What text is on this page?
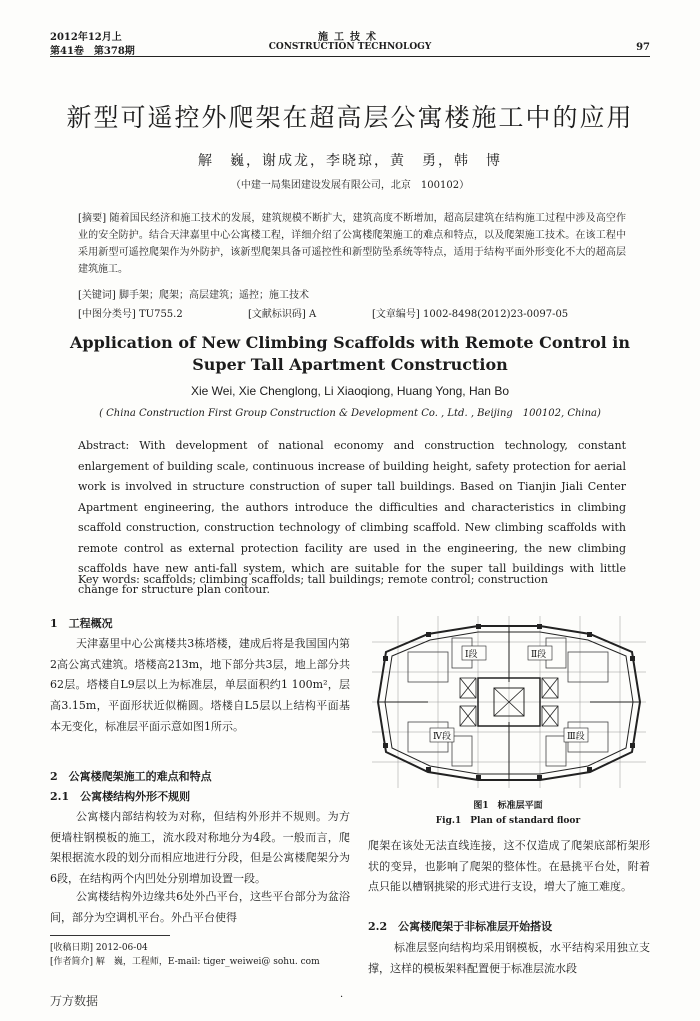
2012年12月上
第41卷　第378期
施工技术
CONSTRUCTION TECHNOLOGY	97
新型可遥控外爬架在超高层公寓楼施工中的应用
解　巍，谢成龙，李晓琼，黄　勇，韩　博
（中建一局集团建设发展有限公司，北京　100102）
[摘要] 随着国民经济和施工技术的发展，建筑规模不断扩大，建筑高度不断增加，超高层建筑在结构施工过程中涉及高空作业的安全防护。结合天津嘉里中心公寓楼工程，详细介绍了公寓楼爬架施工的难点和特点，以及爬架施工技术。在该工程中采用新型可遥控爬架作为外防护，该新型爬架具备可遥控性和新型防坠系统等特点，适用于结构平面外形变化不大的超高层建筑施工。
[关键词] 脚手架；爬架；高层建筑；遥控；施工技术
[中图分类号] TU755.2	[文献标识码] A	[文章编号] 1002-8498(2012)23-0097-05
Application of New Climbing Scaffolds with Remote Control in Super Tall Apartment Construction
Xie Wei, Xie Chenglong, Li Xiaoqiong, Huang Yong, Han Bo
( China Construction First Group Construction & Development Co. , Ltd. , Beijing　100102, China)
Abstract: With development of national economy and construction technology, constant enlargement of building scale, continuous increase of building height, safety protection for aerial work is involved in structure construction of super tall buildings. Based on Tianjin Jiali Center Apartment engineering, the authors introduce the difficulties and characteristics in climbing scaffold construction, construction technology of climbing scaffold. New climbing scaffolds with remote control as external protection facility are used in the engineering, the new climbing scaffolds have new anti-fall system, which are suitable for the super tall buildings with little change for structure plan contour.
Key words: scaffolds; climbing scaffolds; tall buildings; remote control; construction
1　工程概况
天津嘉里中心公寓楼共3栋塔楼，建成后将是我国国内第2高公寓式建筑。塔楼高213m，地下部分共3层，地上部分共62层。塔楼自L9层以上为标准层，单层面积约1 100m²，层高3.15m，平面形状近似椭圆。塔楼自L5层以上结构平面基本无变化，标准层平面示意如图1所示。
2　公寓楼爬架施工的难点和特点
2.1　公寓楼结构外形不规则
公寓楼内部结构较为对称，但结构外形并不规则。为方便墙柱钢模板的施工，流水段对称地分为4段。一般而言，爬架根据流水段的划分而相应地进行分段，但是公寓楼爬架分为6段，在结构两个内凹处分别增加设置一段。
公寓楼结构外边缘共6处外凸平台，这些平台部分为盆浴间，部分为空调机平台。外凸平台使得
[收稿日期] 2012-06-04
[作者简介] 解　巍，工程师，E-mail: tiger_weiwei@ sohu. com
万方数据	·
Ⅰ段	Ⅱ段
Ⅲ段
Ⅳ段
图1　标准层平面
Fig.1　Plan of standard floor
爬架在该处无法直线连接，这不仅造成了爬架底部桁架形状的变异，也影响了爬架的整体性。在悬挑平台处，附着点只能以槽钢挑梁的形式进行支设，增大了施工难度。
2.2　公寓楼爬架于非标准层开始搭设
标准层竖向结构均采用钢模板，水平结构采用独立支撑，这样的模板架料配置便于标准层流水段
